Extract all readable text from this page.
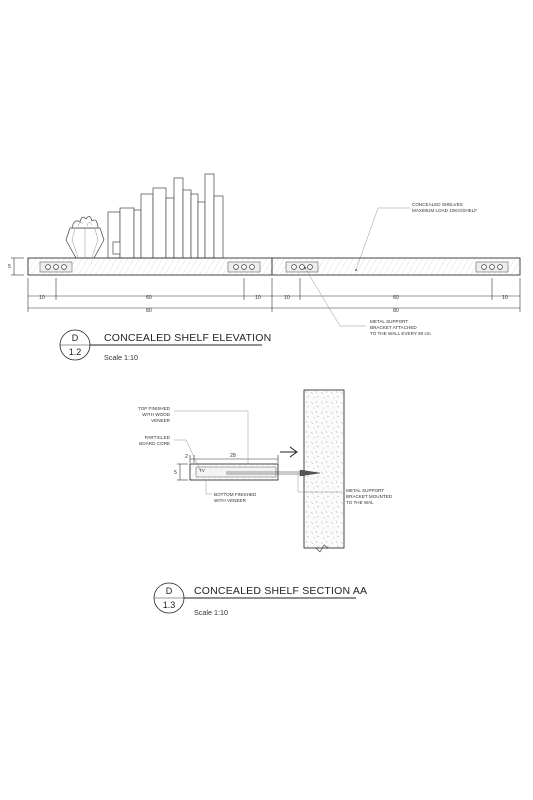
5
10	60	10
80
10	60	10
80
CONCEALED SHELVES
MAXIMUM LOAD 10KG/SHELF
METAL SUPPORT
BRACKET ATTACHED
TO THE WALL EVERY 60 cm
D
1.2
CONCEALED SHELF ELEVATION
Scale 1:10
TV
2	28
5
TOP FINISHED
WITH WOOD
VENEER
PARTICLED
BOARD CORE
BOTTOM FINISHED
WITH VENEER
METAL SUPPORT
BRACKET MOUNTED
TO THE WAL
D
1.3
CONCEALED SHELF SECTION AA
Scale 1:10
